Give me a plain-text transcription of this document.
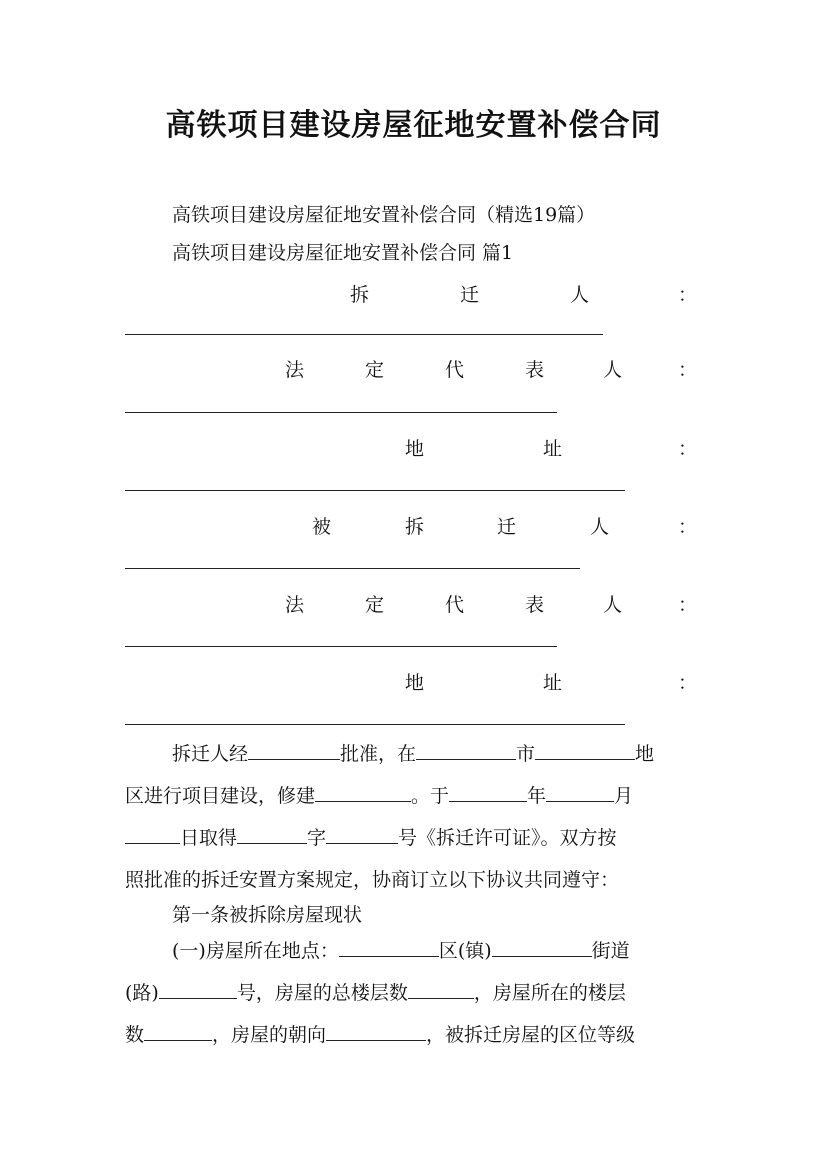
高铁项目建设房屋征地安置补偿合同
高铁项目建设房屋征地安置补偿合同（精选19篇）
高铁项目建设房屋征地安置补偿合同 篇1
拆	迁	人	：
法	定	代	表	人	：
地	址	：
被	拆	迁	人	：
法	定	代	表	人	：
地	址	：
拆迁人经	批准，在	市	地
区进行项目建设，修建	。于	年	月
日取得	字	号《拆迁许可证》。双方按
照批准的拆迁安置方案规定，协商订立以下协议共同遵守：
第一条被拆除房屋现状
(一)房屋所在地点：	区(镇)	街道
(路)	号，房屋的总楼层数	，房屋所在的楼层
数	，房屋的朝向	，被拆迁房屋的区位等级
